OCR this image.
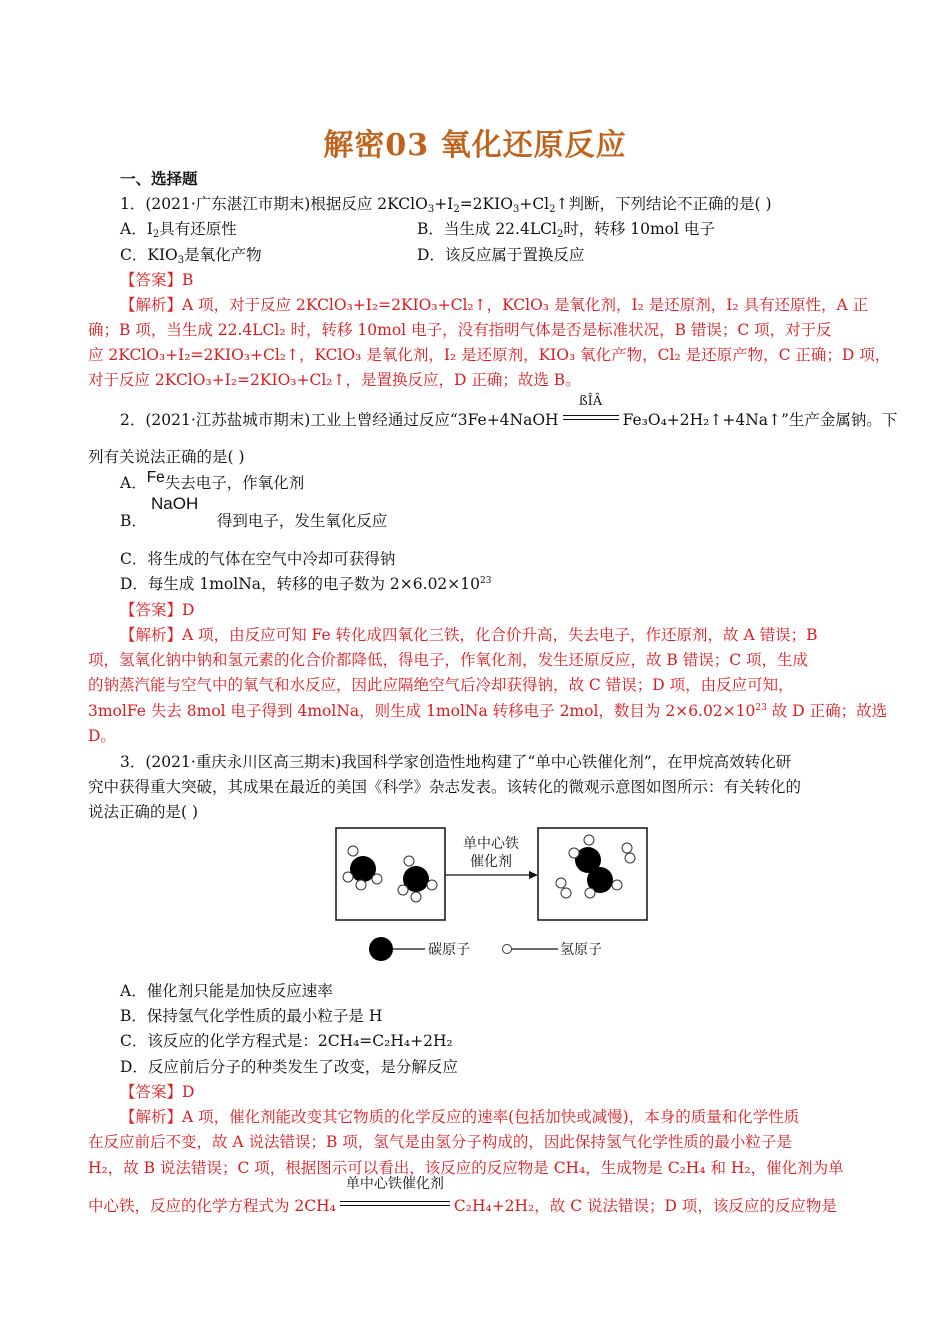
解密03 氧化还原反应
一、选择题
1．(2021·广东湛江市期末)根据反应 $2KClO_3+I_2=2KIO_3+Cl_2↑$判断，下列结论不正确的是( )
A．$I_2$具有还原性	B．当生成 22.4LCl$_2$时，转移 10mol 电子
C．$KIO_3$是氧化产物	D．该反应属于置换反应
【答案】B
【解析】A 项，对于反应 2KClO₃+I₂=2KIO₃+Cl₂↑，KClO₃ 是氧化剂，I₂ 是还原剂，I₂ 具有还原性，A 正
确；B 项，当生成 22.4LCl₂ 时，转移 10mol 电子，没有指明气体是否是标准状况，B 错误；C 项，对于反
应 2KClO₃+I₂=2KIO₃+Cl₂↑，KClO₃ 是氧化剂，I₂ 是还原剂，KIO₃ 氧化产物，Cl₂ 是还原产物，C 正确；D 项，
对于反应 2KClO₃+I₂=2KIO₃+Cl₂↑，是置换反应，D 正确；故选 B。
2．(2021·江苏盐城市期末)工业上曾经通过反应“3Fe+4NaOH
ßÎÂ
Fe₃O₄+2H₂↑+4Na↑”生产金属钠。下
列有关说法正确的是( )
A．Fe失去电子，作氧化剂
NaOH
B．	得到电子，发生氧化反应
C．将生成的气体在空气中冷却可获得钠
D．每生成 1molNa，转移的电子数为 $2\times 6.02\times 10^{23}$
【答案】D
【解析】A 项，由反应可知 Fe 转化成四氧化三铁，化合价升高，失去电子，作还原剂，故 A 错误；B
项，氢氧化钠中钠和氢元素的化合价都降低，得电子，作氧化剂，发生还原反应，故 B 错误；C 项，生成
的钠蒸汽能与空气中的氧气和水反应，因此应隔绝空气后冷却获得钠，故 C 错误；D 项，由反应可知，
3molFe 失去 8mol 电子得到 4molNa，则生成 1molNa 转移电子 2mol，数目为 $2\times 6.02\times 10^{23}$ 故 D 正确；故选
D。
3．(2021·重庆永川区高三期末)我国科学家创造性地构建了“单中心铁催化剂”，在甲烷高效转化研
究中获得重大突破，其成果在最近的美国《科学》杂志发表。该转化的微观示意图如图所示：有关转化的
说法正确的是( )
单中心铁
催化剂
碳原子	氢原子
A．催化剂只能是加快反应速率
B．保持氢气化学性质的最小粒子是 H
C．该反应的化学方程式是：2CH₄=C₂H₄+2H₂
D．反应前后分子的种类发生了改变，是分解反应
【答案】D
【解析】A 项，催化剂能改变其它物质的化学反应的速率(包括加快或减慢)，本身的质量和化学性质
在反应前后不变，故 A 说法错误；B 项，氢气是由氢分子构成的，因此保持氢气化学性质的最小粒子是
H₂，故 B 说法错误；C 项，根据图示可以看出，该反应的反应物是 CH₄，生成物是 C₂H₄ 和 H₂，催化剂为单
中心铁，反应的化学方程式为 2CH₄
单中心铁催化剂
C₂H₄+2H₂，故 C 说法错误；D 项，该反应的反应物是
